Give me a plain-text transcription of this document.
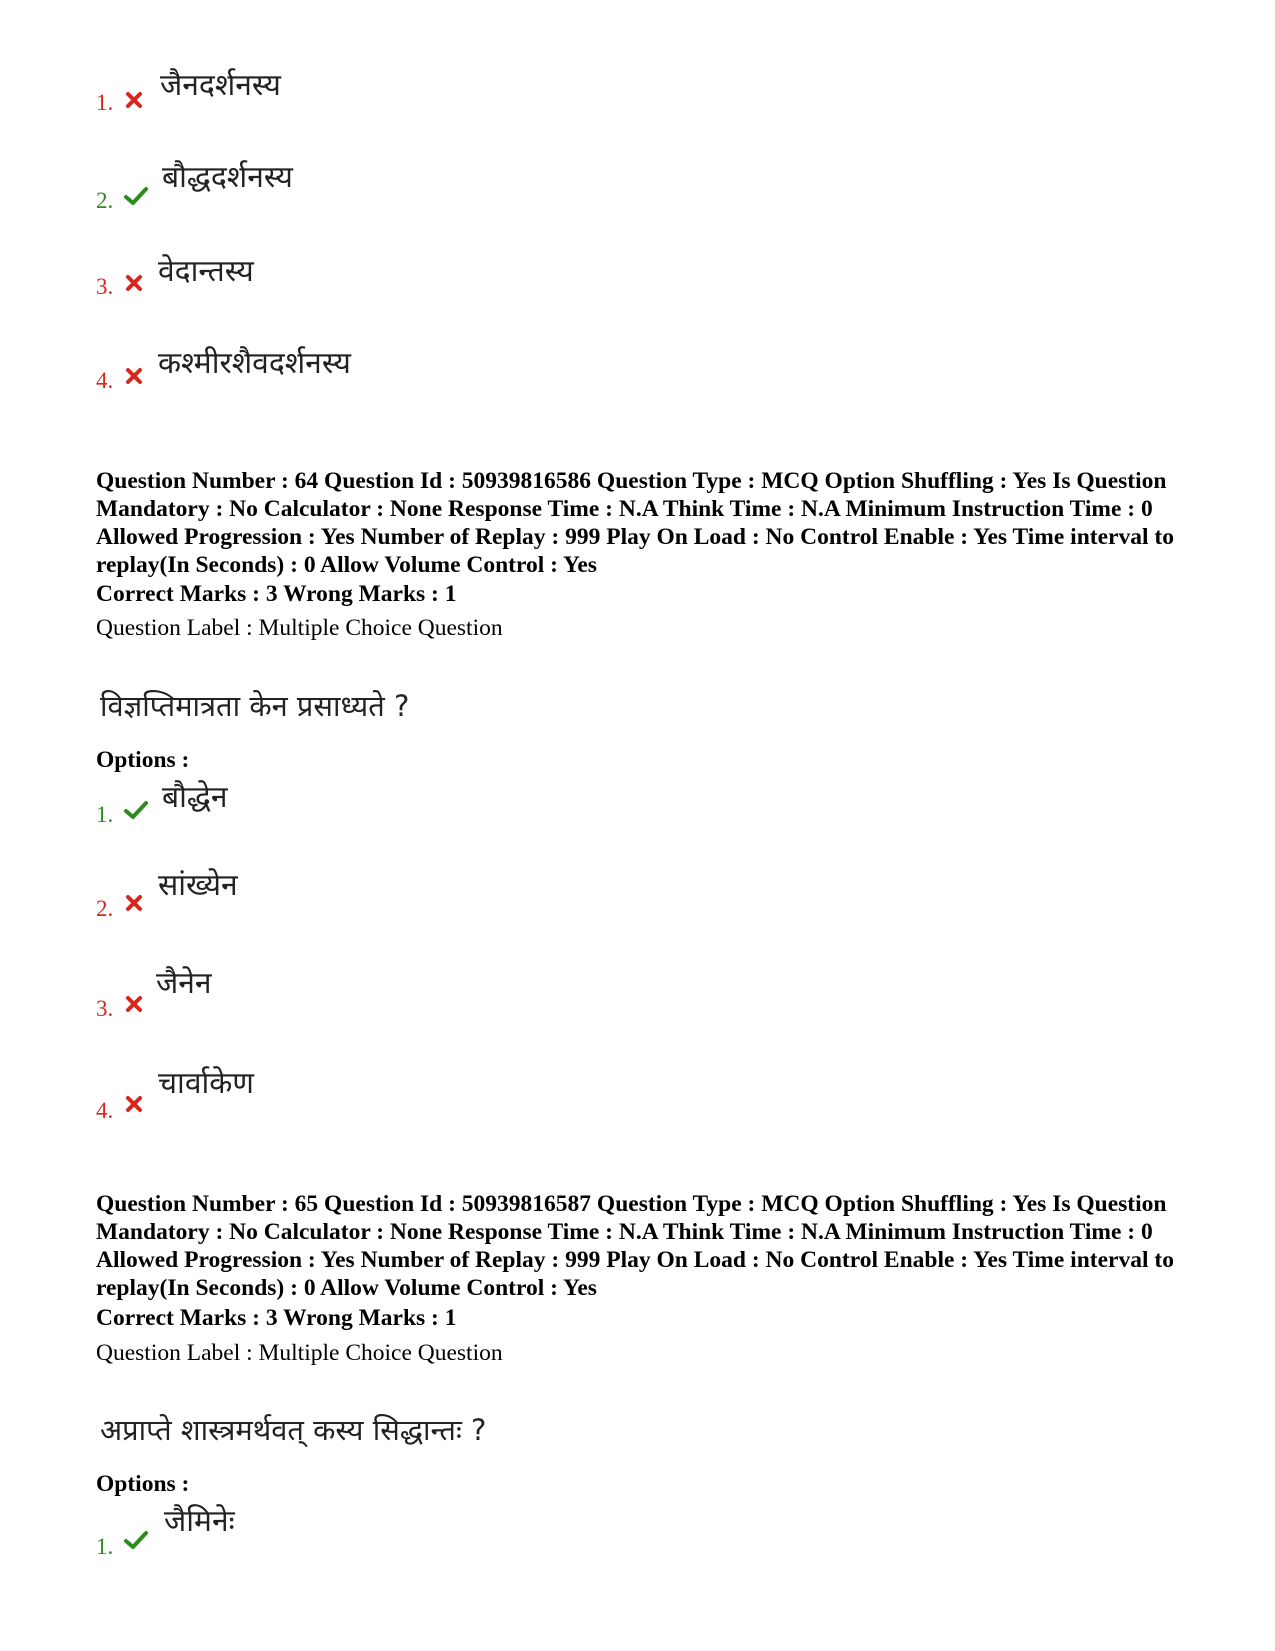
1. जैनदर्शनस्य
2.
बौद्धदर्शनस्य
3. वेदान्तस्य
4. कश्मीरशैवदर्शनस्य
Question Number : 64 Question Id : 50939816586 Question Type : MCQ Option Shuffling : Yes Is Question Mandatory : No Calculator : None Response Time : N.A Think Time : N.A Minimum Instruction Time : 0 Allowed Progression : Yes Number of Replay : 999 Play On Load : No Control Enable : Yes Time interval to replay(In Seconds) : 0 Allow Volume Control : Yes
Correct Marks : 3 Wrong Marks : 1
Question Label : Multiple Choice Question
विज्ञप्तिमात्रता केन प्रसाध्यते ?
Options :
1. बौद्धेन
2.
सांख्येन
3.
जैनेन
4.
चार्वाकेण
Question Number : 65 Question Id : 50939816587 Question Type : MCQ Option Shuffling : Yes Is Question Mandatory : No Calculator : None Response Time : N.A Think Time : N.A Minimum Instruction Time : 0 Allowed Progression : Yes Number of Replay : 999 Play On Load : No Control Enable : Yes Time interval to replay(In Seconds) : 0 Allow Volume Control : Yes
Correct Marks : 3 Wrong Marks : 1
Question Label : Multiple Choice Question
अप्राप्ते शास्त्रमर्थवत् कस्य सिद्धान्तः ?
Options :
1.
जैमिनेः
